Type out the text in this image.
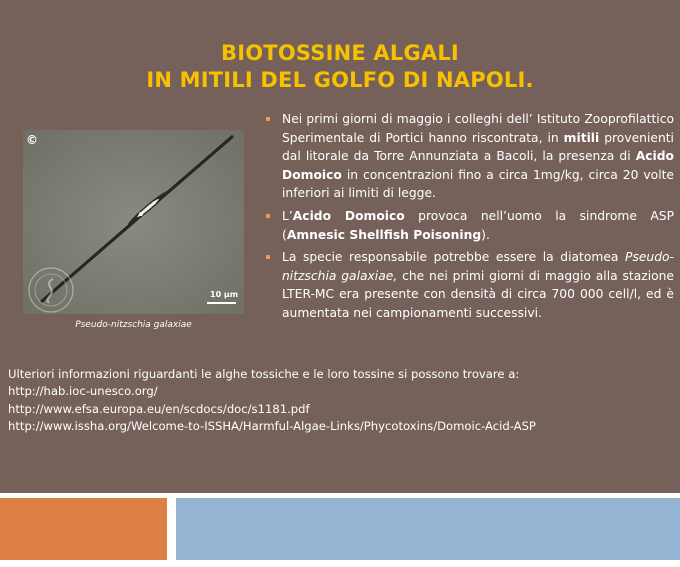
BIOTOSSINE ALGALI
IN MITILI DEL GOLFO DI NAPOLI.
©
10 µm
Pseudo-nitzschia galaxiae
Nei primi giorni di maggio i colleghi dell’ Istituto Zooprofilattico Sperimentale di Portici hanno riscontrata, in mitili provenienti dal litorale da Torre Annunziata a Bacoli, la presenza di Acido Domoico in concentrazioni fino a circa 1mg/kg, circa 20 volte inferiori ai limiti di legge.
L’Acido Domoico provoca nell’uomo la sindrome ASP (Amnesic Shellfish Poisoning).
La specie responsabile potrebbe essere la diatomea Pseudo-nitzschia galaxiae, che nei primi giorni di maggio alla stazione LTER-MC era presente con densità di circa 700 000 cell/l, ed è aumentata nei campionamenti successivi.
Ulteriori informazioni riguardanti le alghe tossiche e le loro tossine si possono trovare a:
http://hab.ioc-unesco.org/
http://www.efsa.europa.eu/en/scdocs/doc/s1181.pdf
http://www.issha.org/Welcome-to-ISSHA/Harmful-Algae-Links/Phycotoxins/Domoic-Acid-ASP
